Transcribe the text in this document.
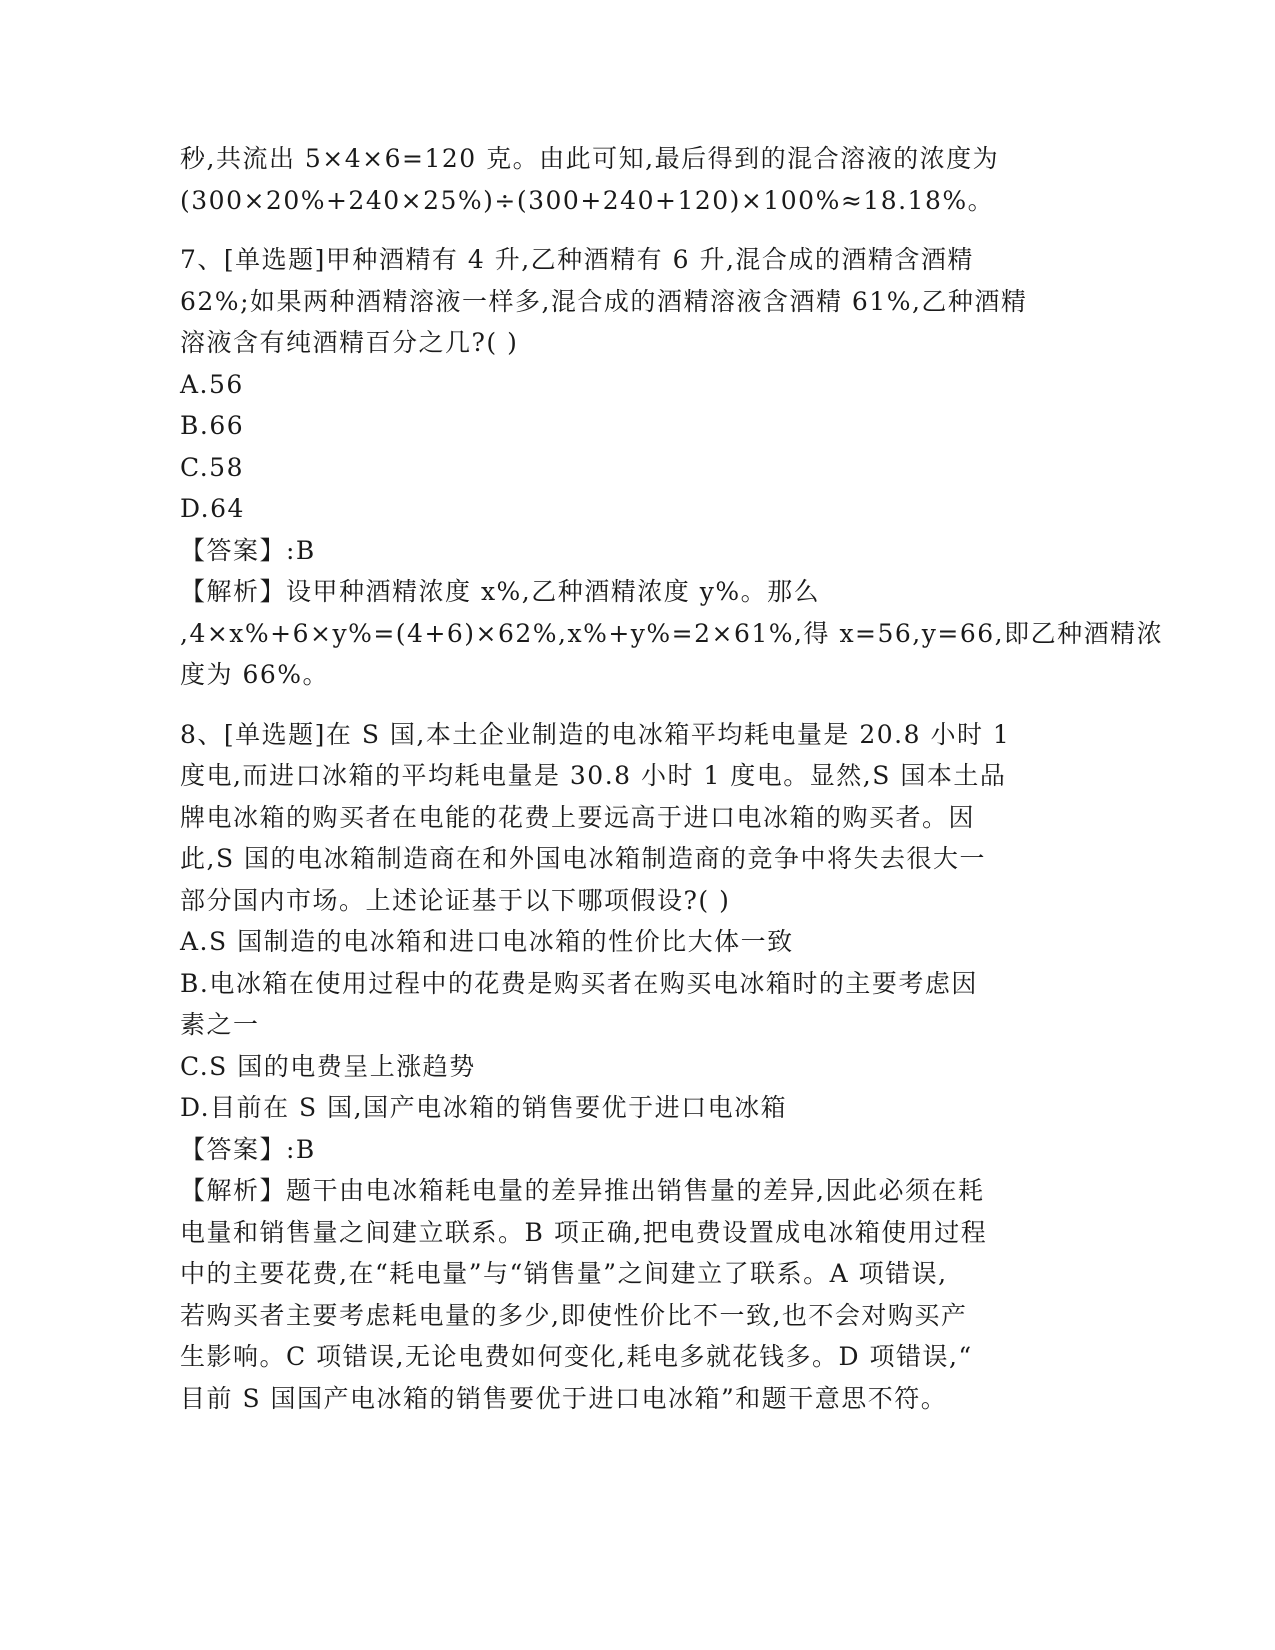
秒,共流出 5×4×6=120 克。由此可知,最后得到的混合溶液的浓度为
(300×20%+240×25%)÷(300+240+120)×100%≈18.18%。
7、[单选题]甲种酒精有 4 升,乙种酒精有 6 升,混合成的酒精含酒精
62%;如果两种酒精溶液一样多,混合成的酒精溶液含酒精 61%,乙种酒精
溶液含有纯酒精百分之几?( )
A.56
B.66
C.58
D.64
【答案】:B
【解析】设甲种酒精浓度 x%,乙种酒精浓度 y%。那么
,4×x%+6×y%=(4+6)×62%,x%+y%=2×61%,得 x=56,y=66,即乙种酒精浓
度为 66%。
8、[单选题]在 S 国,本土企业制造的电冰箱平均耗电量是 20.8 小时 1
度电,而进口冰箱的平均耗电量是 30.8 小时 1 度电。显然,S 国本土品
牌电冰箱的购买者在电能的花费上要远高于进口电冰箱的购买者。因
此,S 国的电冰箱制造商在和外国电冰箱制造商的竞争中将失去很大一
部分国内市场。上述论证基于以下哪项假设?( )
A.S 国制造的电冰箱和进口电冰箱的性价比大体一致
B.电冰箱在使用过程中的花费是购买者在购买电冰箱时的主要考虑因
素之一
C.S 国的电费呈上涨趋势
D.目前在 S 国,国产电冰箱的销售要优于进口电冰箱
【答案】:B
【解析】题干由电冰箱耗电量的差异推出销售量的差异,因此必须在耗
电量和销售量之间建立联系。B 项正确,把电费设置成电冰箱使用过程
中的主要花费,在“耗电量”与“销售量”之间建立了联系。A 项错误,
若购买者主要考虑耗电量的多少,即使性价比不一致,也不会对购买产
生影响。C 项错误,无论电费如何变化,耗电多就花钱多。D 项错误,“
目前 S 国国产电冰箱的销售要优于进口电冰箱”和题干意思不符。
